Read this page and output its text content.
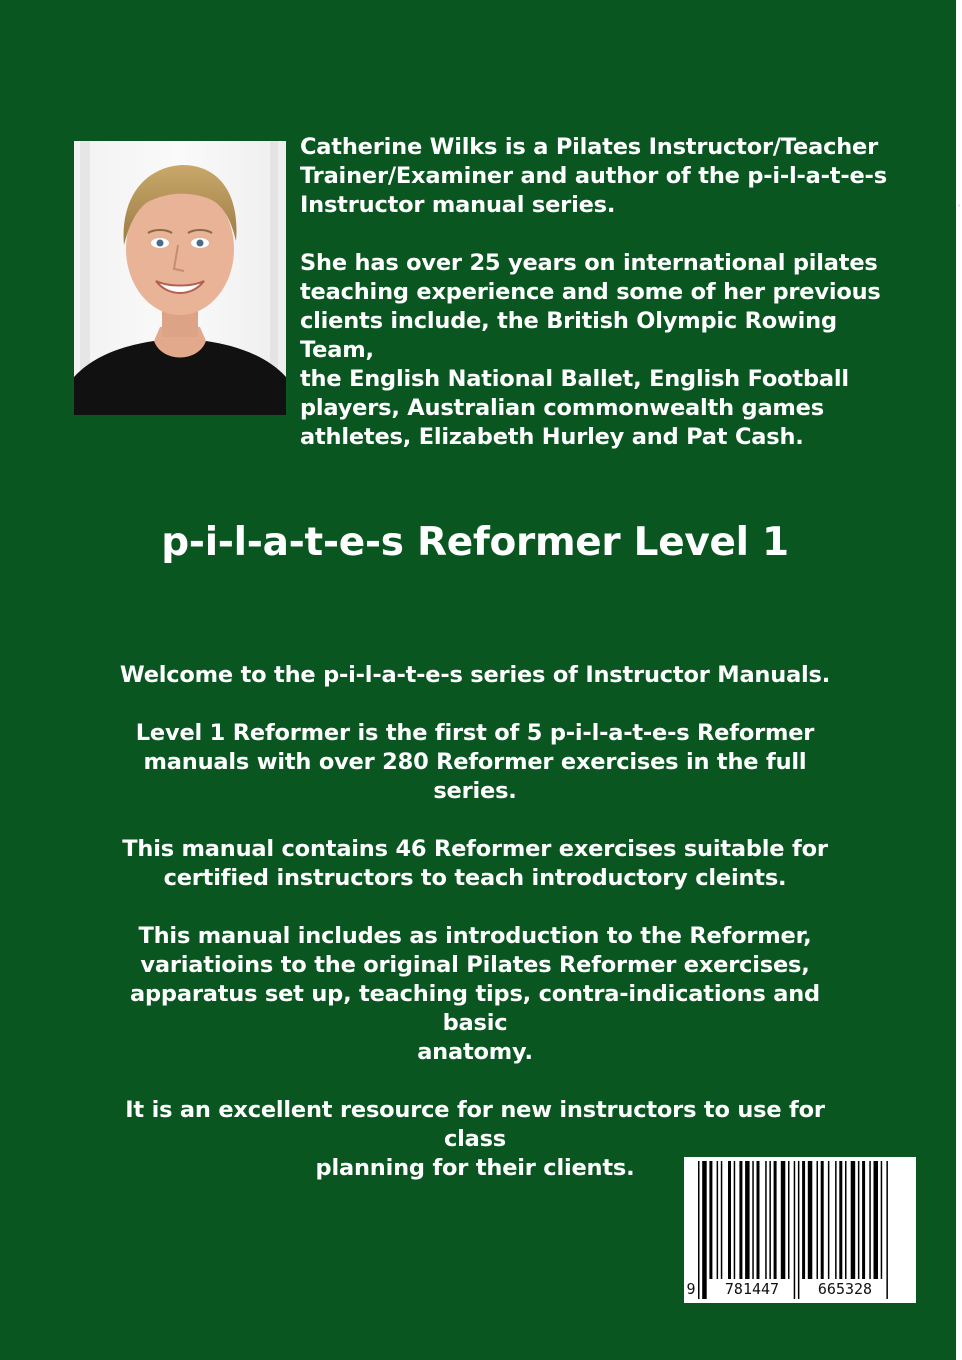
Catherine Wilks is a Pilates Instructor/Teacher
Trainer/Examiner and author of the p-i-l-a-t-e-s
Instructor manual series.

She has over 25 years on international pilates
teaching experience and some of her previous
clients include, the British Olympic Rowing Team,
the English National Ballet, English Football
players, Australian commonwealth games
athletes, Elizabeth Hurley and Pat Cash.

p-i-l-a-t-e-s Reformer Level 1

Welcome to the p-i-l-a-t-e-s series of Instructor Manuals.

Level 1 Reformer is the first of 5 p-i-l-a-t-e-s Reformer
manuals with over 280 Reformer exercises in the full series.

This manual contains 46 Reformer exercises suitable for
certified instructors to teach introductory cleints.

This manual includes as introduction to the Reformer,
variatioins to the original Pilates Reformer exercises,
apparatus set up, teaching tips, contra-indications and basic
anatomy.

It is an excellent resource for new instructors to use for class
planning for their clients.

9	781447	665328
